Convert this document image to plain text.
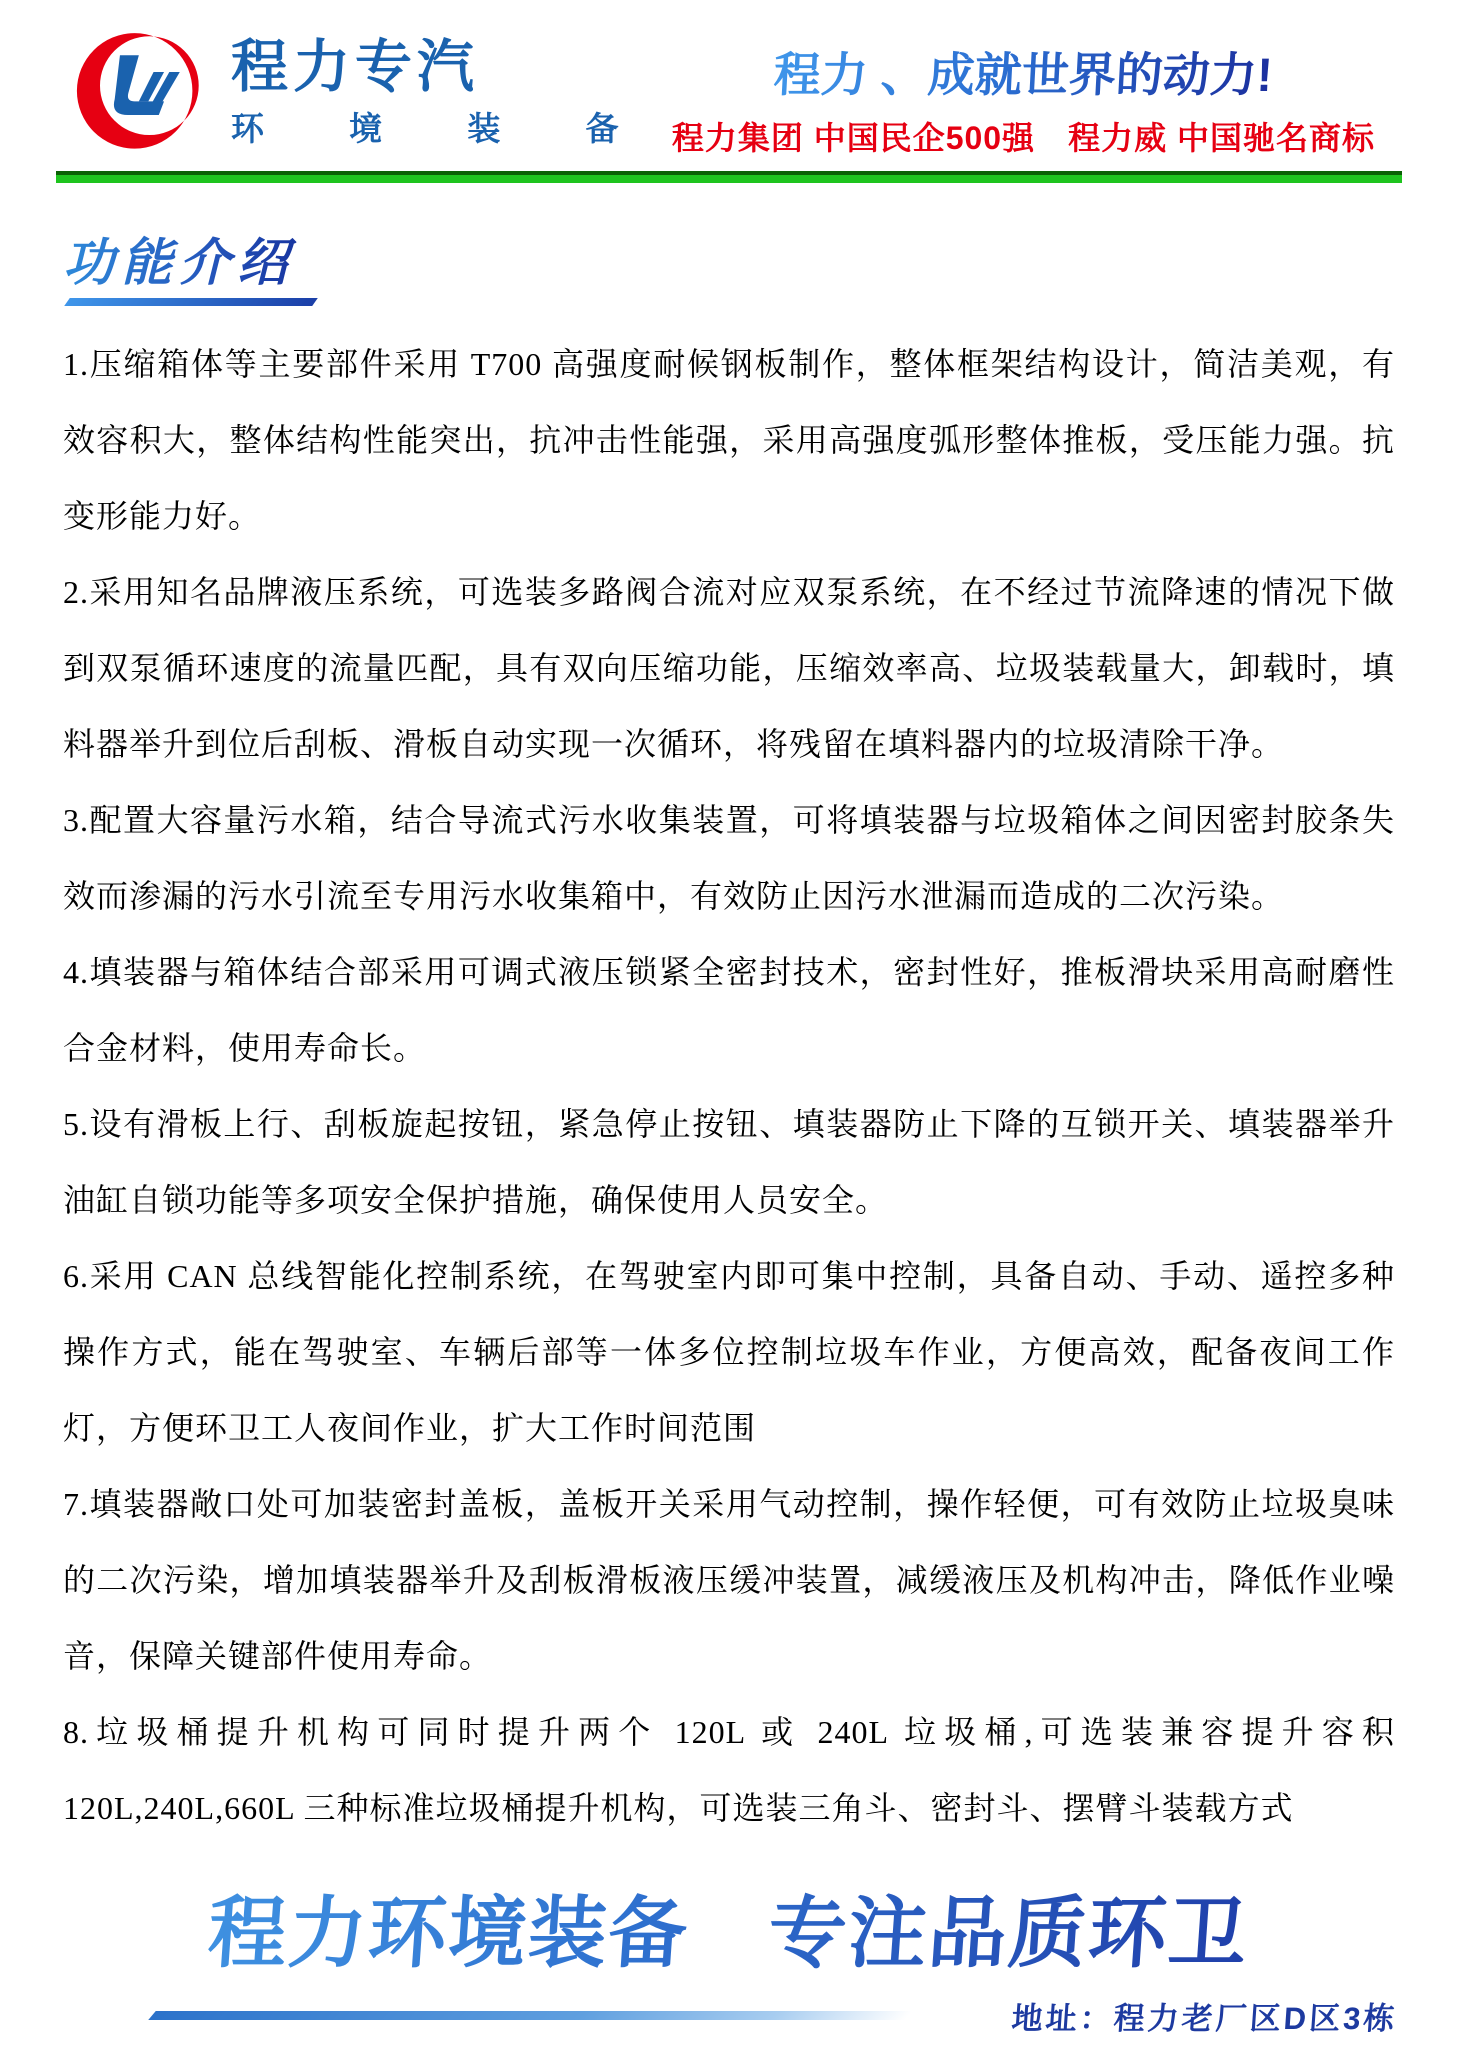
程力专汽
环 境 装 备
程力 、成就世界的动力!
程力集团 中国民企500强　程力威 中国驰名商标
功能介绍

1.压缩箱体等主要部件采用 T700 高强度耐候钢板制作，整体框架结构设计，简洁美观，有效容积大，整体结构性能突出，抗冲击性能强，采用高强度弧形整体推板，受压能力强。抗变形能力好。

2.采用知名品牌液压系统，可选装多路阀合流对应双泵系统，在不经过节流降速的情况下做到双泵循环速度的流量匹配，具有双向压缩功能，压缩效率高、垃圾装载量大，卸载时，填料器举升到位后刮板、滑板自动实现一次循环，将残留在填料器内的垃圾清除干净。

3.配置大容量污水箱，结合导流式污水收集装置，可将填装器与垃圾箱体之间因密封胶条失效而渗漏的污水引流至专用污水收集箱中，有效防止因污水泄漏而造成的二次污染。

4.填装器与箱体结合部采用可调式液压锁紧全密封技术，密封性好，推板滑块采用高耐磨性合金材料，使用寿命长。

5.设有滑板上行、刮板旋起按钮，紧急停止按钮、填装器防止下降的互锁开关、填装器举升油缸自锁功能等多项安全保护措施，确保使用人员安全。

6.采用 CAN 总线智能化控制系统，在驾驶室内即可集中控制，具备自动、手动、遥控多种操作方式，能在驾驶室、车辆后部等一体多位控制垃圾车作业，方便高效，配备夜间工作灯，方便环卫工人夜间作业，扩大工作时间范围

7.填装器敞口处可加装密封盖板，盖板开关采用气动控制，操作轻便，可有效防止垃圾臭味的二次污染，增加填装器举升及刮板滑板液压缓冲装置，减缓液压及机构冲击，降低作业噪音，保障关键部件使用寿命。

8.垃圾桶提升机构可同时提升两个 120L 或 240L 垃圾桶,可选装兼容提升容积 120L,240L,660L 三种标准垃圾桶提升机构，可选装三角斗、密封斗、摆臂斗装载方式

程力环境装备　专注品质环卫
地址：程力老厂区D区3栋
